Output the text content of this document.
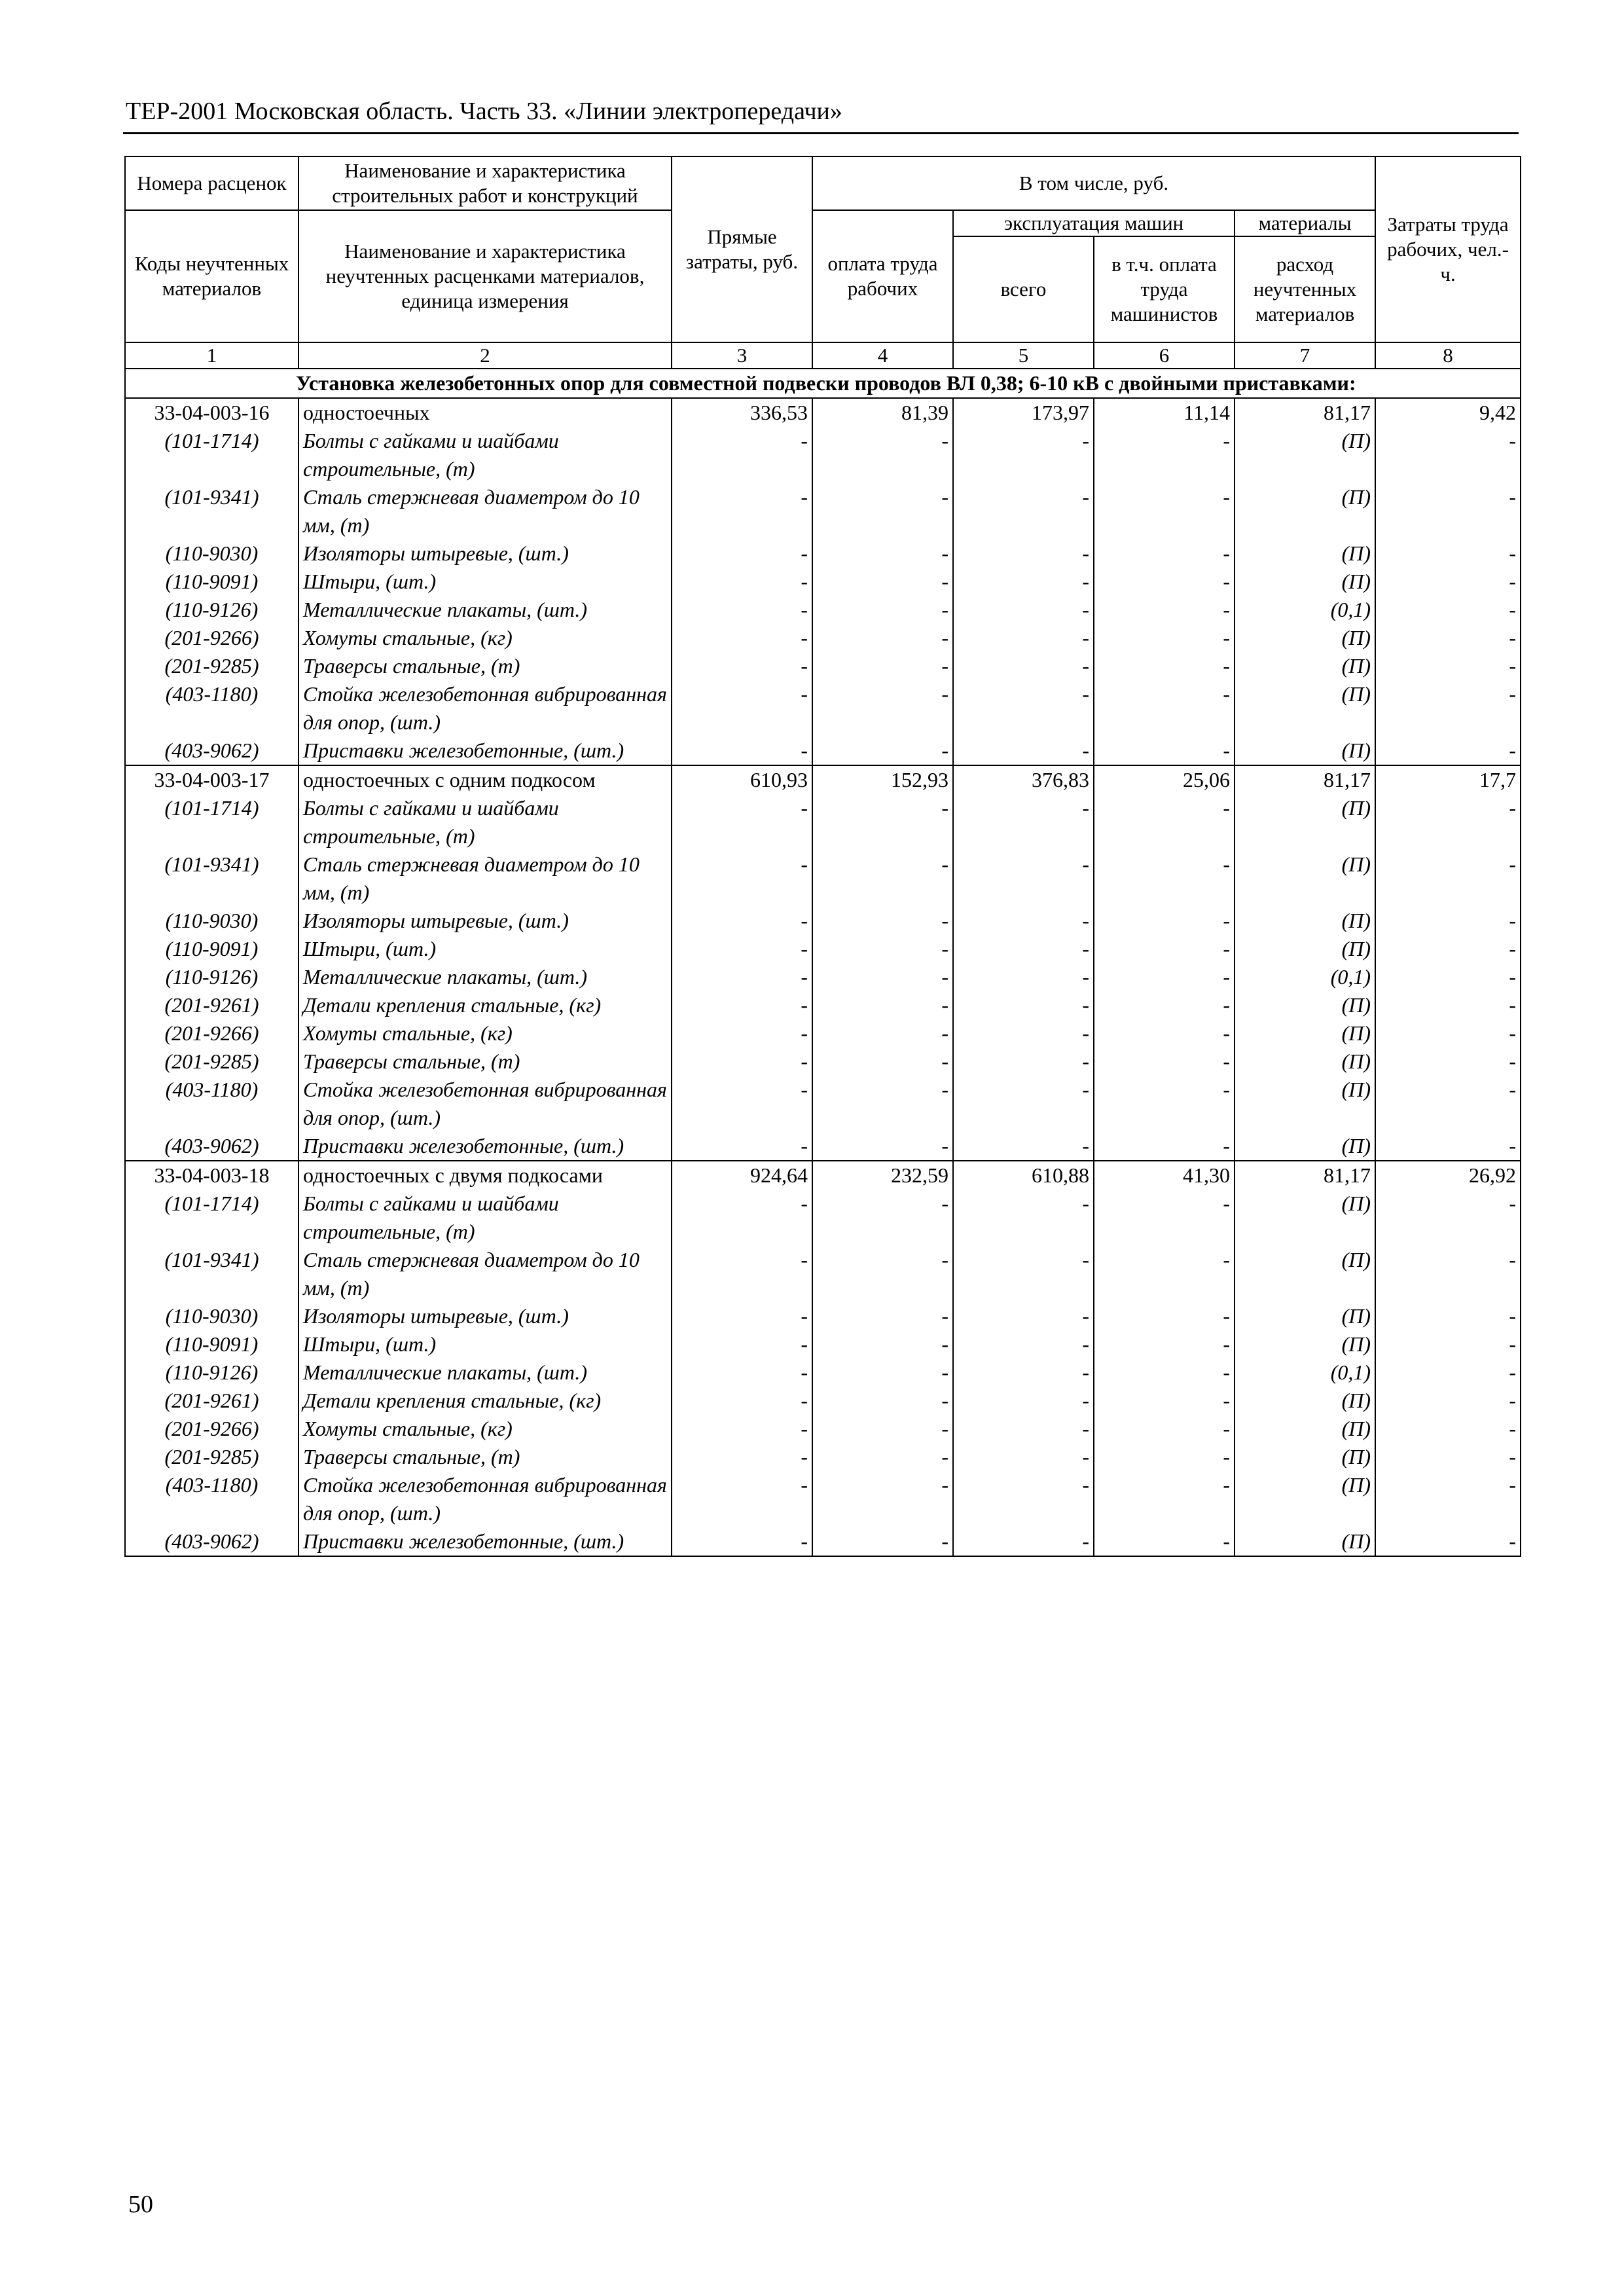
ТЕР-2001 Московская область. Часть 33. «Линии электропередачи»
Номера расценок	Наименование и характеристика строительных работ и конструкций	Прямые затраты, руб.	В том числе, руб.				Затраты труда рабочих, чел.-ч.
Коды неучтенных материалов	Наименование и характеристика неучтенных расценками материалов, единица измерения		оплата труда рабочих	эксплуатация машин		материалы	
				всего	в т.ч. оплата труда машинистов	расход неучтенных материалов	
1	2	3	4	5	6	7	8
Установка железобетонных опор для совместной подвески проводов ВЛ 0,38; 6-10 кВ с двойными приставками:							
33-04-003-16	одностоечных	336,53	81,39	173,97	11,14	81,17	9,42
(101-1714)	Болты с гайками и шайбами строительные, (т)	-	-	-	-	(П)	-
(101-9341)	Сталь стержневая диаметром до 10 мм, (т)	-	-	-	-	(П)	-
(110-9030)	Изоляторы штыревые, (шт.)	-	-	-	-	(П)	-
(110-9091)	Штыри, (шт.)	-	-	-	-	(П)	-
(110-9126)	Металлические плакаты, (шт.)	-	-	-	-	(0,1)	-
(201-9266)	Хомуты стальные, (кг)	-	-	-	-	(П)	-
(201-9285)	Траверсы стальные, (т)	-	-	-	-	(П)	-
(403-1180)	Стойка железобетонная вибрированная для опор, (шт.)	-	-	-	-	(П)	-
(403-9062)	Приставки железобетонные, (шт.)	-	-	-	-	(П)	-
33-04-003-17	одностоечных с одним подкосом	610,93	152,93	376,83	25,06	81,17	17,7
(101-1714)	Болты с гайками и шайбами строительные, (т)	-	-	-	-	(П)	-
(101-9341)	Сталь стержневая диаметром до 10 мм, (т)	-	-	-	-	(П)	-
(110-9030)	Изоляторы штыревые, (шт.)	-	-	-	-	(П)	-
(110-9091)	Штыри, (шт.)	-	-	-	-	(П)	-
(110-9126)	Металлические плакаты, (шт.)	-	-	-	-	(0,1)	-
(201-9261)	Детали крепления стальные, (кг)	-	-	-	-	(П)	-
(201-9266)	Хомуты стальные, (кг)	-	-	-	-	(П)	-
(201-9285)	Траверсы стальные, (т)	-	-	-	-	(П)	-
(403-1180)	Стойка железобетонная вибрированная для опор, (шт.)	-	-	-	-	(П)	-
(403-9062)	Приставки железобетонные, (шт.)	-	-	-	-	(П)	-
33-04-003-18	одностоечных с двумя подкосами	924,64	232,59	610,88	41,30	81,17	26,92
(101-1714)	Болты с гайками и шайбами строительные, (т)	-	-	-	-	(П)	-
(101-9341)	Сталь стержневая диаметром до 10 мм, (т)	-	-	-	-	(П)	-
(110-9030)	Изоляторы штыревые, (шт.)	-	-	-	-	(П)	-
(110-9091)	Штыри, (шт.)	-	-	-	-	(П)	-
(110-9126)	Металлические плакаты, (шт.)	-	-	-	-	(0,1)	-
(201-9261)	Детали крепления стальные, (кг)	-	-	-	-	(П)	-
(201-9266)	Хомуты стальные, (кг)	-	-	-	-	(П)	-
(201-9285)	Траверсы стальные, (т)	-	-	-	-	(П)	-
(403-1180)	Стойка железобетонная вибрированная для опор, (шт.)	-	-	-	-	(П)	-
(403-9062)	Приставки железобетонные, (шт.)	-	-	-	-	(П)	-
50
